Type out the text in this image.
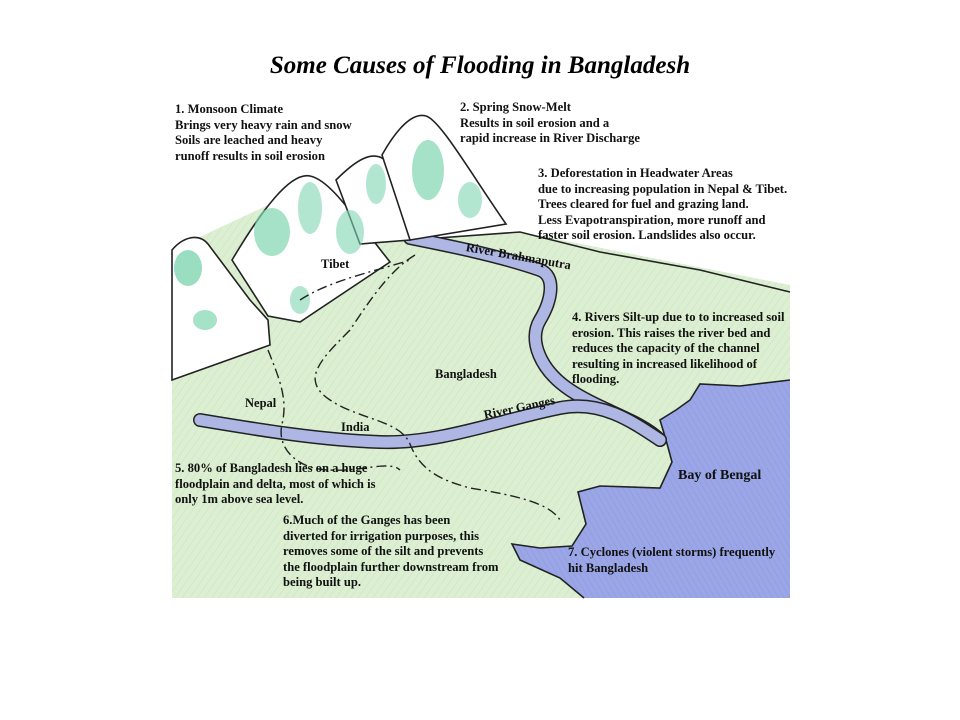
Some Causes of Flooding in Bangladesh
1. Monsoon Climate
Brings very heavy rain and snow
Soils are leached and heavy
runoff results in soil erosion
2. Spring Snow-Melt
Results in soil erosion and a
rapid increase in River Discharge
3. Deforestation in Headwater Areas
due to increasing population in Nepal & Tibet.
Trees cleared for fuel and grazing land.
Less Evapotranspiration, more runoff and
faster soil erosion. Landslides also occur.
4. Rivers Silt-up due to to increased soil
erosion. This raises the river bed and
reduces the capacity of the channel
resulting in increased likelihood of
flooding.
5. 80% of Bangladesh lies on a huge
floodplain and delta, most of which is
only 1m above sea level.
6.Much of the Ganges has been
diverted for irrigation purposes, this
removes some of the silt and prevents
the floodplain further downstream from
being built up.
7. Cyclones (violent storms) frequently
hit Bangladesh
Tibet
Bangladesh
Nepal
India
Bay of Bengal
River Brahmaputra
River Ganges
